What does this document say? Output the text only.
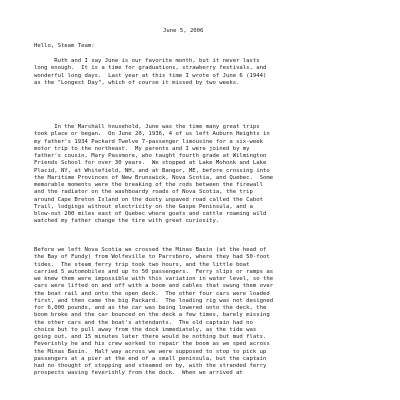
June 5, 2006
Hello, Steam Team:
Ruth and I say June is our favorite month, but it never lasts
long enough.  It is a time for graduations, strawberry festivals, and
wonderful long days.  Last year at this time I wrote of June 6 (1944)
as the "Longest Day", which of course it missed by two weeks.
In the Marshall household, June was the time many great trips
took place or began.  On June 20, 1936, 4 of us left Auburn Heights in
my father's 1934 Packard Twelve 7-passenger limousine for a six-week
motor trip to the northeast.  My parents and I were joined by my
father's cousin, Mary Passmore, who taught fourth grade at Wilmington
Friends School for over 30 years.  We stopped at Lake Mohonk and Lake
Placid, NY, at Whitefield, NH, and at Bangor, ME, before crossing into
the Maritime Provinces of New Brunswick, Nova Scotia, and Quebec.  Some
memorable moments were the breaking of the rods between the firewall
and the radiator on the washboardy roads of Nova Scotia, the trip
around Cape Breton Island on the dusty unpaved road called the Cabot
Trail, lodgings without electricity on the Gaspe Peninsula, and a
blow-out 200 miles east of Quebec where goats and cattle roaming wild
watched my father change the tire with great curiosity.
Before we left Nova Scotia we crossed the Minas Basin (at the head of
the Bay of Fundy) from Wolfeville to Parrsboro, where they had 50-foot
tides.  The steam ferry trip took two hours, and the little boat
carried 5 automobiles and up to 50 passengers.  Ferry slips or ramps as
we knew them were impossible with this variation in water level, so the
cars were lifted on and off with a boom and cables that swung them over
the boat rail and onto the open deck.  The other four cars were loaded
first, and then came the big Packard.  The loading rig was not designed
for 6,000 pounds, and as the car was being lowered onto the deck, the
boom broke and the car bounced on the deck a few times, barely missing
the other cars and the boat's attendants.  The old captain had no
choice but to pull away from the dock immediately, as the tide was
going out, and 15 minutes later there would be nothing but mud flats.
Feverishly he and his crew worked to repair the boom as we sped across
the Minas Basin.  Half way across we were supposed to stop to pick up
passengers at a pier at the end of a small peninsula, but the captain
had no thought of stopping and steamed on by, with the stranded ferry
prospects waving feverishly from the dock.  When we arrived at
